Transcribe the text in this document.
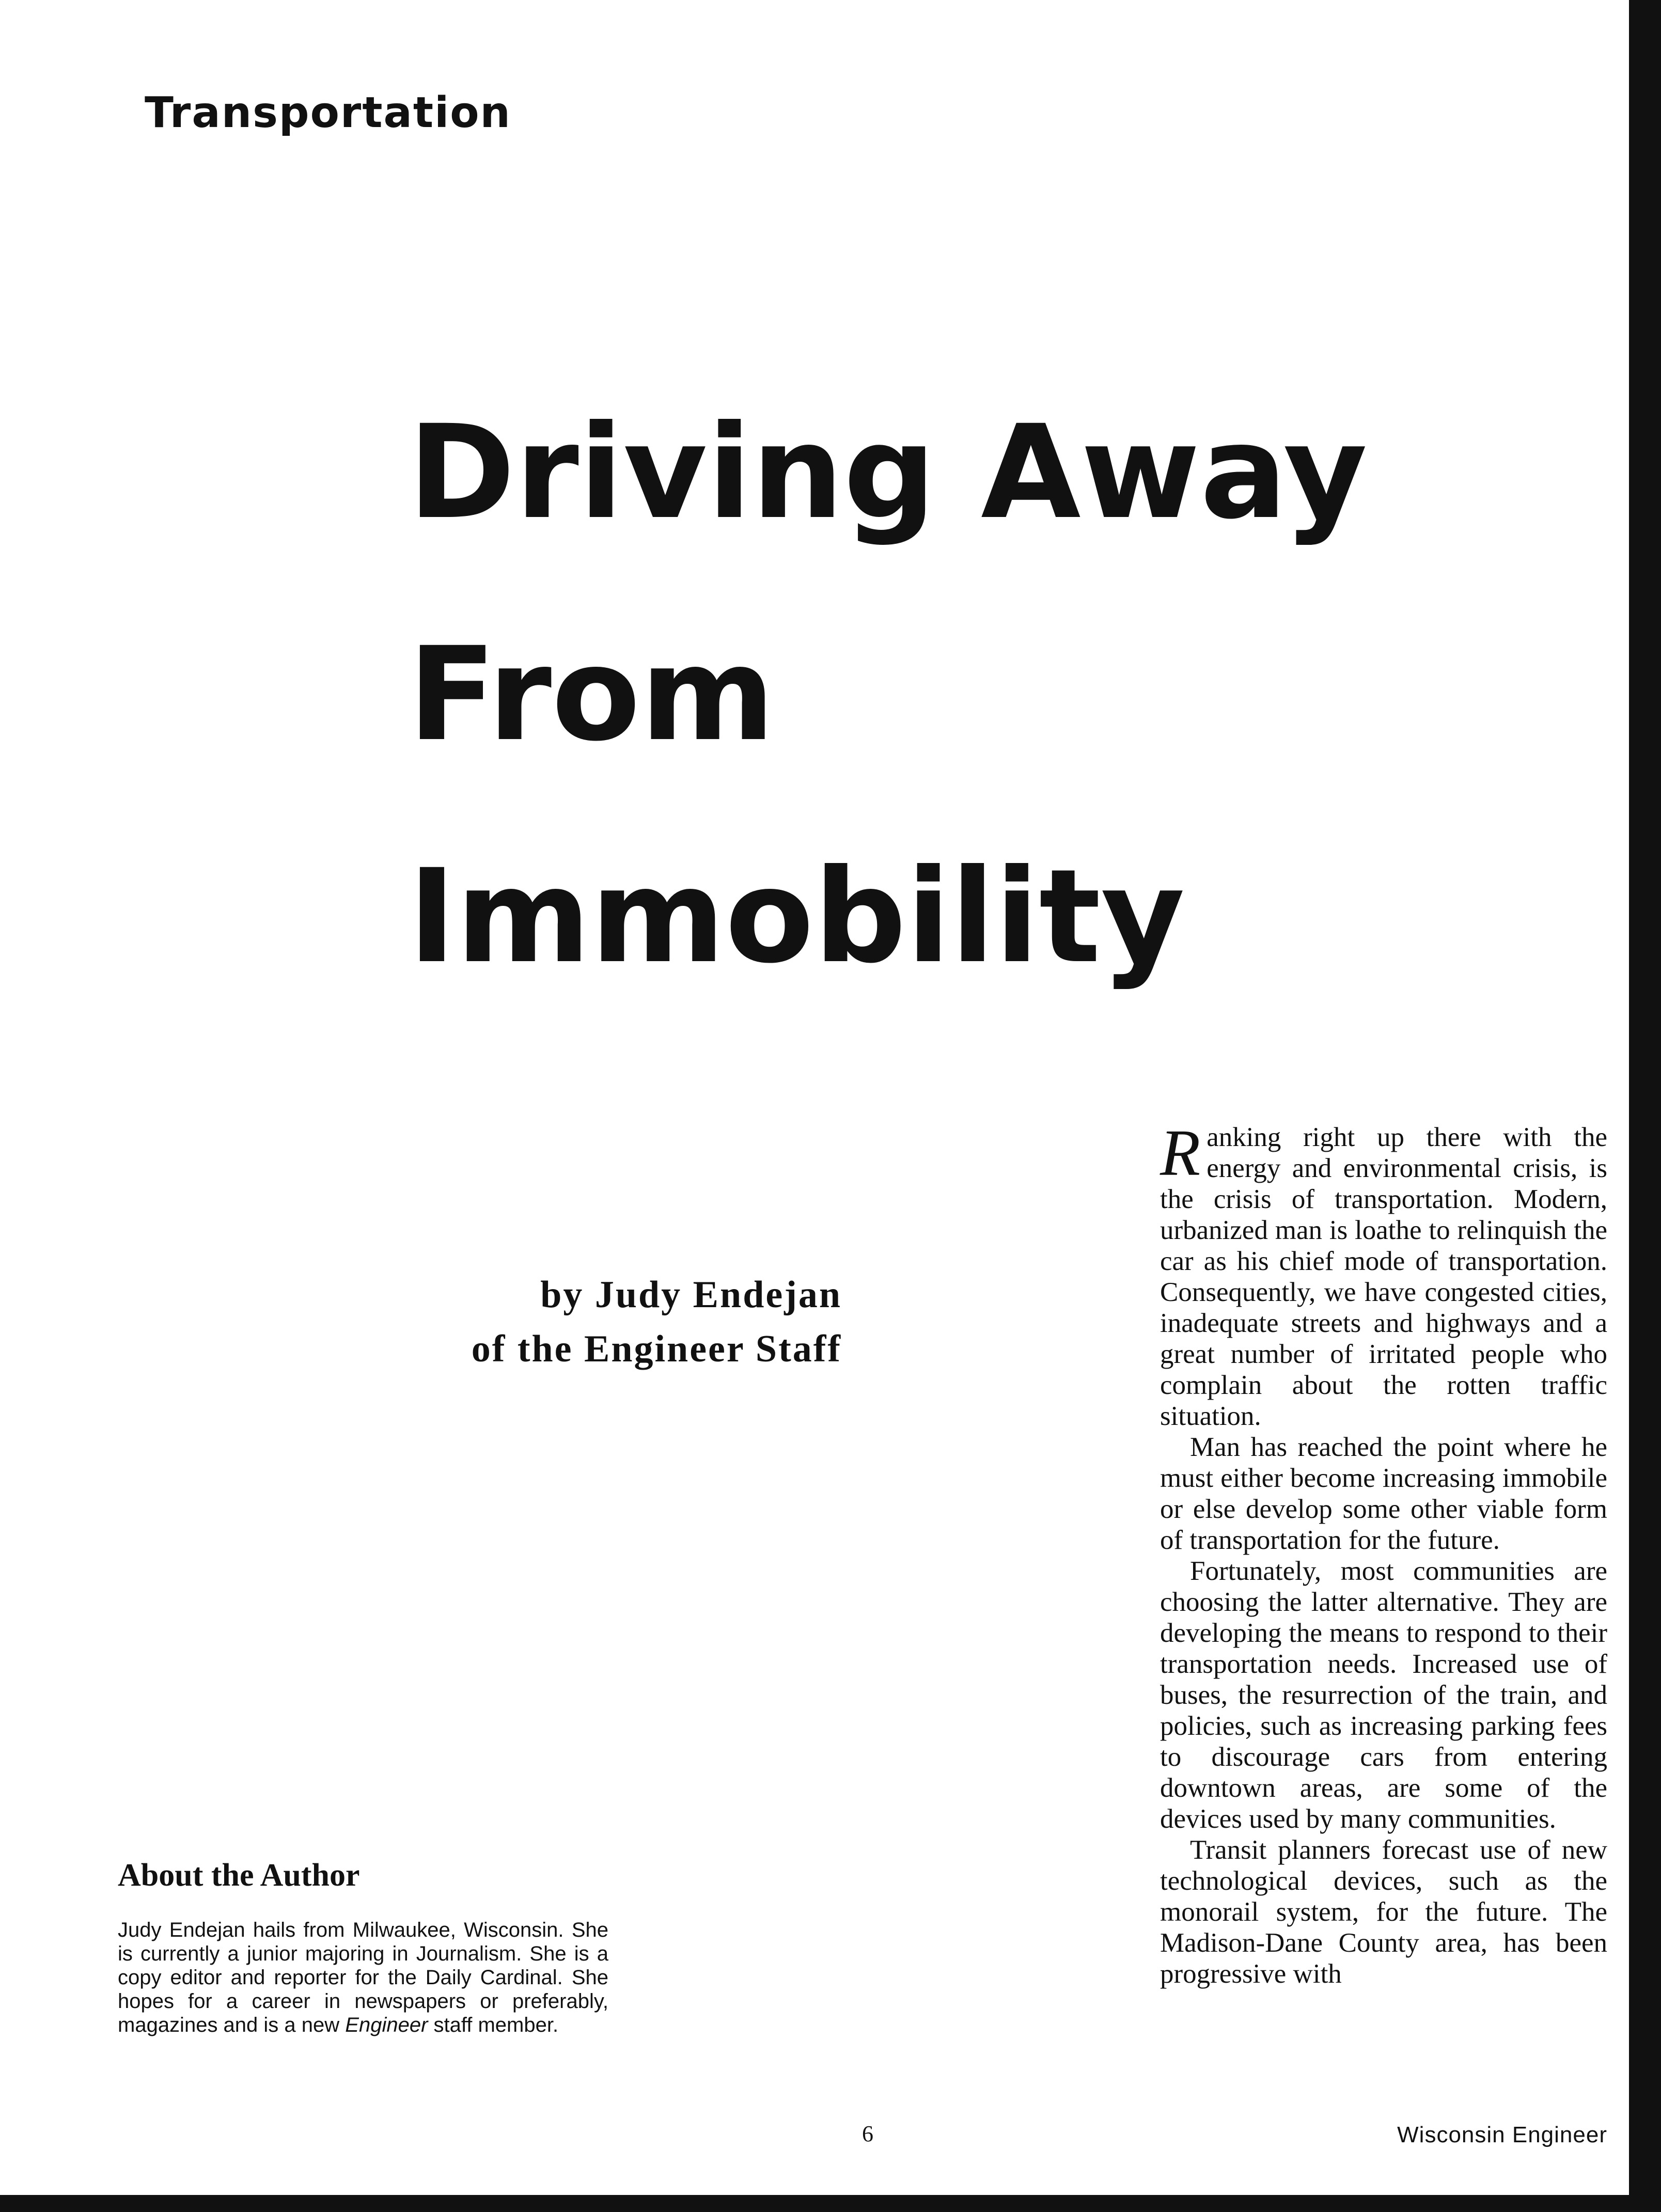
Transportation
Driving Away
From
Immobility
by Judy Endejan
of the Engineer Staff
About the Author

Judy Endejan hails from Milwaukee, Wisconsin. She is currently a junior majoring in Journalism. She is a copy editor and reporter for the Daily Cardinal. She hopes for a career in newspapers or preferably, magazines and is a new Engineer staff member.

Ranking right up there with the energy and environmental crisis, is the crisis of transportation. Modern, urbanized man is loathe to relinquish the car as his chief mode of transportation. Consequently, we have congested cities, inadequate streets and highways and a great number of irritated people who complain about the rotten traffic situation.

Man has reached the point where he must either become increasing immobile or else develop some other viable form of transportation for the future.

Fortunately, most communities are choosing the latter alternative. They are developing the means to respond to their transportation needs. Increased use of buses, the resurrection of the train, and policies, such as increasing parking fees to discourage cars from entering downtown areas, are some of the devices used by many communities.

Transit planners forecast use of new technological devices, such as the monorail system, for the future. The Madison-Dane County area, has been progressive with

6	Wisconsin Engineer
